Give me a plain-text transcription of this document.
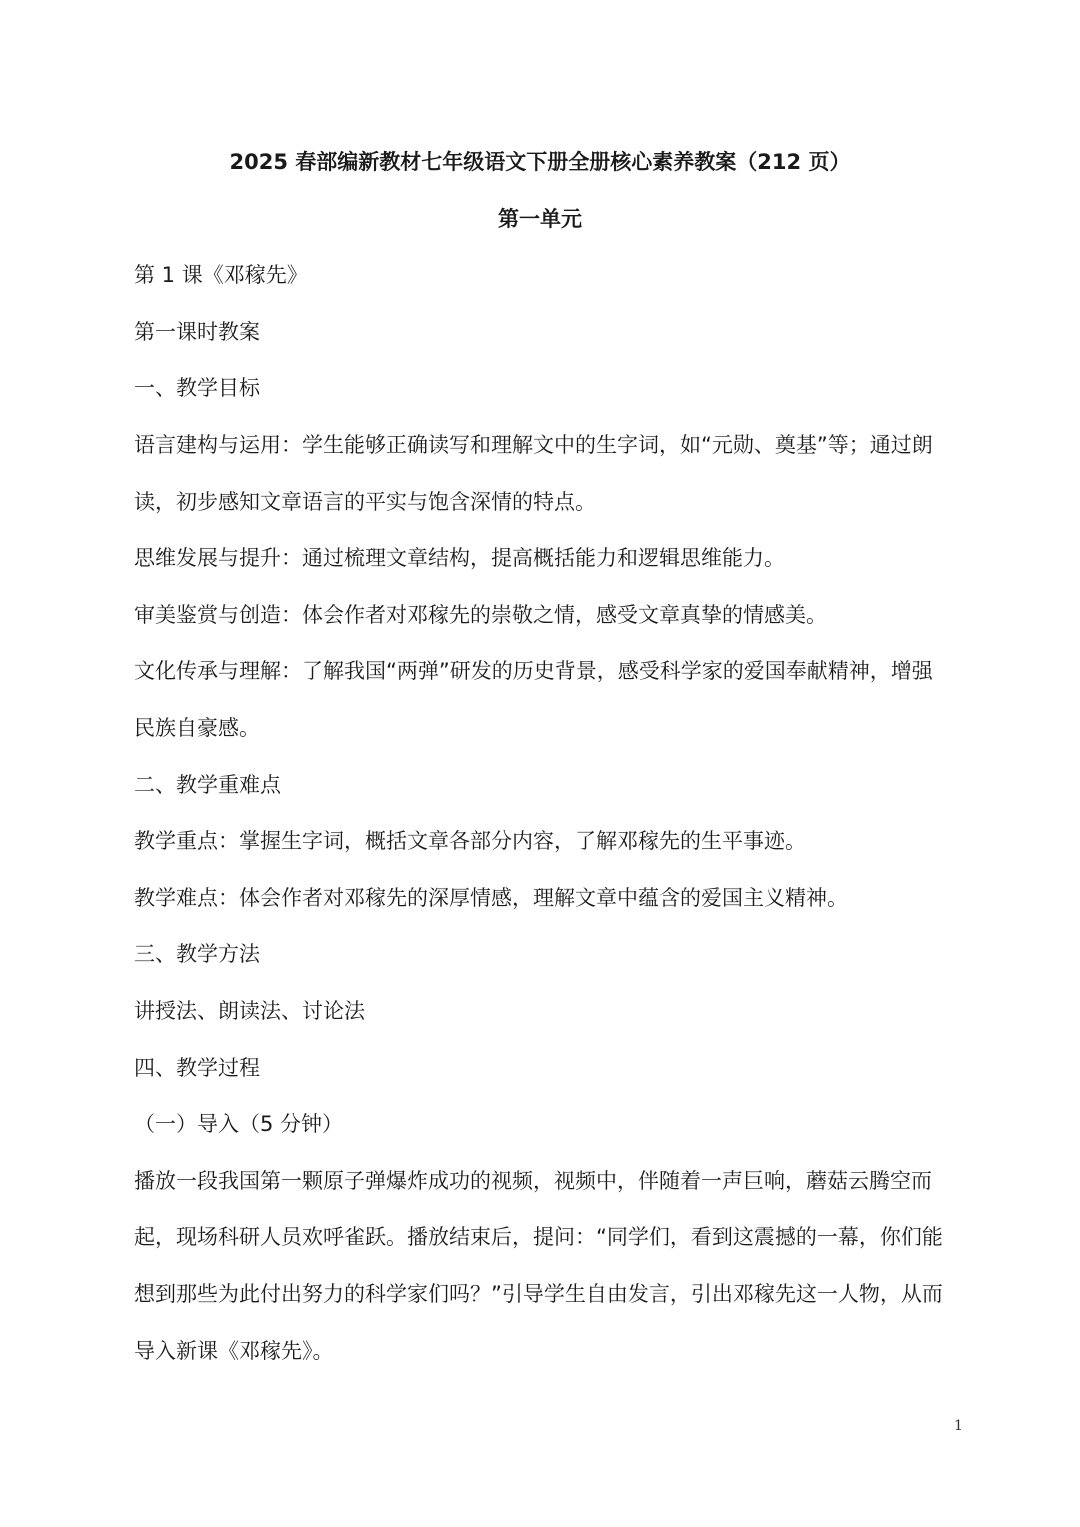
2025 春部编新教材七年级语文下册全册核心素养教案（212 页）
第一单元
第 1 课《邓稼先》
第一课时教案
一、教学目标
语言建构与运用：学生能够正确读写和理解文中的生字词，如“元勋、奠基”等；通过朗
读，初步感知文章语言的平实与饱含深情的特点。
思维发展与提升：通过梳理文章结构，提高概括能力和逻辑思维能力。
审美鉴赏与创造：体会作者对邓稼先的崇敬之情，感受文章真挚的情感美。
文化传承与理解：了解我国“两弹”研发的历史背景，感受科学家的爱国奉献精神，增强
民族自豪感。
二、教学重难点
教学重点：掌握生字词，概括文章各部分内容，了解邓稼先的生平事迹。
教学难点：体会作者对邓稼先的深厚情感，理解文章中蕴含的爱国主义精神。
三、教学方法
讲授法、朗读法、讨论法
四、教学过程
（一）导入（5 分钟）
播放一段我国第一颗原子弹爆炸成功的视频，视频中，伴随着一声巨响，蘑菇云腾空而
起，现场科研人员欢呼雀跃。播放结束后，提问：“同学们，看到这震撼的一幕，你们能
想到那些为此付出努力的科学家们吗？”引导学生自由发言，引出邓稼先这一人物，从而
导入新课《邓稼先》。
1
